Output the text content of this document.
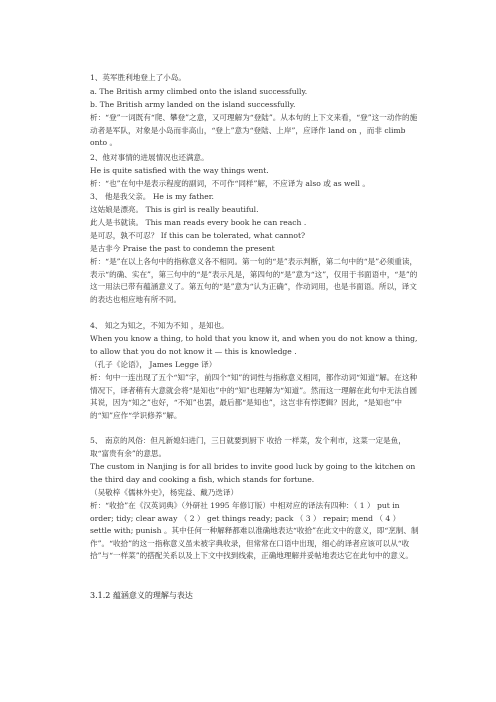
1、英军胜利地登上了小岛。

a. The British army climbed onto the island successfully.

b. The British army landed on the island successfully.

析：“登”一词既有“爬、攀登”之意，又可理解为“登陆”。从本句的上下文来看，“登”这一动作的施动者是军队，对象是小岛而非高山，“登上”意为“登陆、上岸”，应译作 land on ，而非 climb onto 。

2、他对事情的进展情况也还满意。

He is quite satisfied with the way things went.

析：“也”在句中是表示程度的副词，不可作“同样”解，不应译为 also 或 as well 。

3、 他是我父亲。 He is my father.

这姑娘是漂亮。 This is girl is really beautiful.

此人是书就读。 This man reads every book he can reach .

是可忍，孰不可忍？ If this can be tolerated, what cannot?

是古非今 Praise the past to condemn the present

析：“是”在以上各句中的指称意义各不相同。第一句的“是”表示判断，第二句中的“是”必须重读，表示“的确、实在”，第三句中的“是”表示凡是，第四句的“是”意为“这”，仅用于书面语中，“是”的这一用法已带有蕴涵意义了。第五句的“是”意为“认为正确”，作动词用，也是书面语。所以，译文的表达也相应地有所不同。

4、 知之为知之，不知为不知 ，是知也。

When you know a thing, to hold that you know it, and when you do not know a thing, to allow that you do not know it — this is knowledge .

（孔子《论语》， James Legge 译）

析：句中一连出现了五个“知”字，前四个“知”的词性与指称意义相同，都作动词“知道”解。在这种情况下，译者稍有大意就会将“是知也”中的“知”也理解为“知道”。然而这一理解在此句中无法自圆其说，因为“知之”也好，“不知”也罢，最后都“是知也”，这岂非有悖逻辑？因此，“是知也”中的“知”应作“学识修养”解。

5、 南京的风俗：但凡新媳妇进门，三日就要到厨下 收拾 一样菜，发个利市，这菜一定是鱼，取“富贵有余”的意思。

The custom in Nanjing is for all brides to invite good luck by going to the kitchen on the third day and cooking a fish, which stands for fortune.

（吴敬梓《儒林外史》，杨宪益、戴乃迭译）

析：“收拾”在《汉英词典》（外研社 1995 年修订版）中相对应的译法有四种：（ 1 ） put in order; tidy; clear away （ 2 ） get things ready; pack （ 3 ） repair; mend （ 4 ） settle with; punish 。其中任何一种解释都难以准确地表达“收拾”在此文中的意义，即“烹制、制作”。“收拾”的这一指称意义虽未被字典收录，但常常在口语中出现，细心的译者应该可以从“收拾”与“一样菜”的搭配关系以及上下文中找到线索，正确地理解并妥帖地表达它在此句中的意义。

3.1.2 蕴涵意义的理解与表达
